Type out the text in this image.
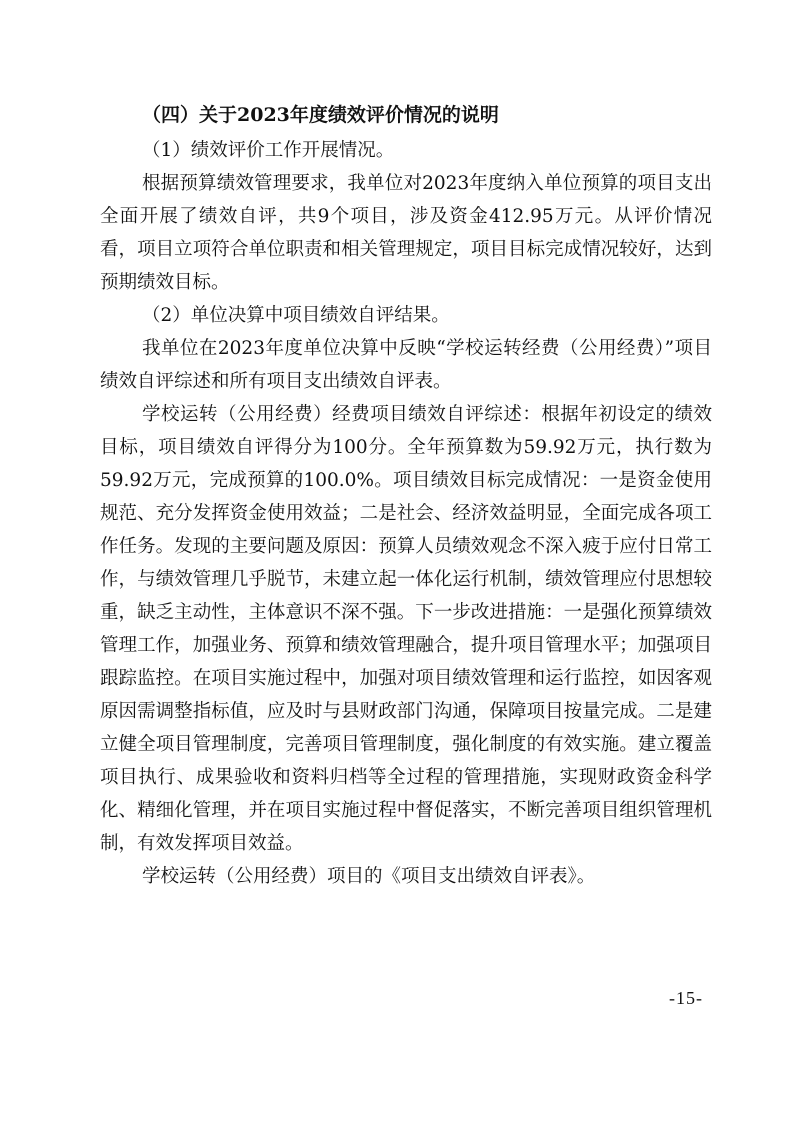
（四）关于2023年度绩效评价情况的说明

（1）绩效评价工作开展情况。

根据预算绩效管理要求，我单位对2023年度纳入单位预算的项目支出全面开展了绩效自评，共9个项目，涉及资金412.95万元。从评价情况看，项目立项符合单位职责和相关管理规定，项目目标完成情况较好，达到预期绩效目标。

（2）单位决算中项目绩效自评结果。

我单位在2023年度单位决算中反映“学校运转经费（公用经费）”项目绩效自评综述和所有项目支出绩效自评表。

学校运转（公用经费）经费项目绩效自评综述：根据年初设定的绩效目标，项目绩效自评得分为100分。全年预算数为59.92万元，执行数为59.92万元，完成预算的100.0%。项目绩效目标完成情况：一是资金使用规范、充分发挥资金使用效益；二是社会、经济效益明显，全面完成各项工作任务。发现的主要问题及原因：预算人员绩效观念不深入疲于应付日常工作，与绩效管理几乎脱节，未建立起一体化运行机制，绩效管理应付思想较重，缺乏主动性，主体意识不深不强。下一步改进措施：一是强化预算绩效管理工作，加强业务、预算和绩效管理融合，提升项目管理水平；加强项目跟踪监控。在项目实施过程中，加强对项目绩效管理和运行监控，如因客观原因需调整指标值，应及时与县财政部门沟通，保障项目按量完成。二是建立健全项目管理制度，完善项目管理制度，强化制度的有效实施。建立覆盖项目执行、成果验收和资料归档等全过程的管理措施，实现财政资金科学化、精细化管理，并在项目实施过程中督促落实，不断完善项目组织管理机制，有效发挥项目效益。

学校运转（公用经费）项目的《项目支出绩效自评表》。

-15-
